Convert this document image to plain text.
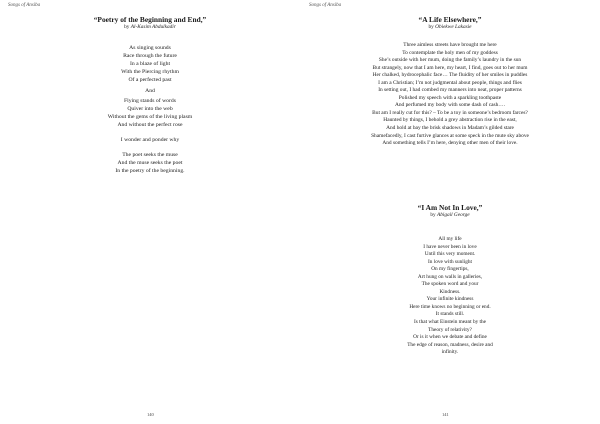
Songs of Ansiba

“Poetry of the Beginning and End,”

by Al-Kasim Abdulkadir

As singing sounds
Race through the future
In a blaze of light
With the Piercing rhythm
Of a perfected past
And
Flying stands of words
Quiver into the web
Without the gems of the living plasm
And without the perfect rose
I wonder and ponder why
The poet seeks the muse
And the muse seeks the poet
In the poetry of the beginning.
140
Songs of Ansiba

“A Life Elsewhere,”

by Obiekwe Lakasie

Three aimless streets have brought me here
To contemplate the holy men of my goddess
She’s outside with her mum, doing the family’s laundry in the sun
But strangely, now that I am here, my heart, I find, goes out to her mum
Her chalked, hydrocephalic face… The fluidity of her smiles in puddles
I am a Christian; I’m not judgmental about people, things and flies
In setting out, I had combed my manners into neat, proper patterns
Polished my speech with a sparkling toothpaste
And perfumed my body with some dash of cash….
But am I really cut for this? – To be a toy in someone’s bedroom farces?
Haunted by things, I behold a grey abstraction rise in the east,
And hold at bay the brisk shadows in Madam’s gilded stare
Shamefacedly, I cast furtive glances at some speck in the mute sky above
And something tells I’m here, denying other men of their love.

“I Am Not In Love,”

by Abigail George

All my life
I have never been in love
Until this very moment.
In love with sunlight
On my fingertips,
Art hung on walls in galleries,
The spoken word and your
Kindness.
Your infinite kindness
Here time knows no beginning or end.
It stands still.
Is that what Einstein meant by the
Theory of relativity?
Or is it when we debate and define
The edge of reason, madness, desire and
infinity.
141
